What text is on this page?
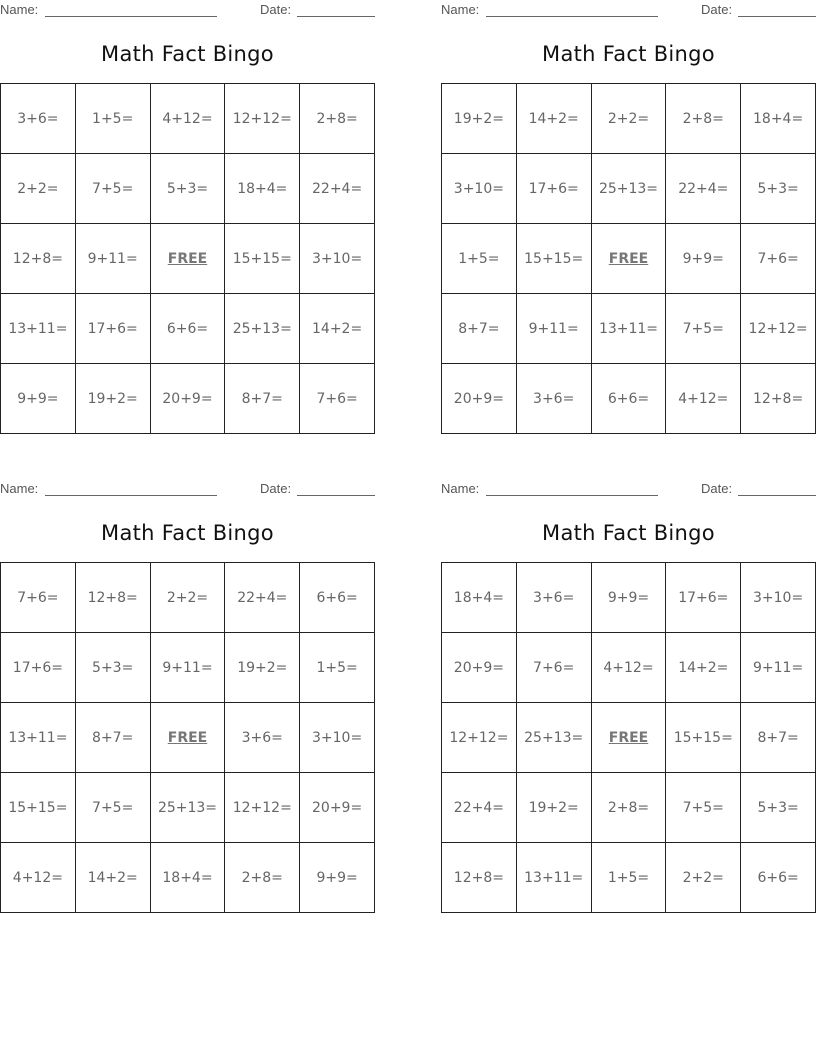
Name:	Date:
Math Fact Bingo
3+6=	1+5=	4+12=	12+12=	2+8=
2+2=	7+5=	5+3=	18+4=	22+4=
12+8=	9+11=	FREE	15+15=	3+10=
13+11=	17+6=	6+6=	25+13=	14+2=
9+9=	19+2=	20+9=	8+7=	7+6=
Name:	Date:
Math Fact Bingo
19+2=	14+2=	2+2=	2+8=	18+4=
3+10=	17+6=	25+13=	22+4=	5+3=
1+5=	15+15=	FREE	9+9=	7+6=
8+7=	9+11=	13+11=	7+5=	12+12=
20+9=	3+6=	6+6=	4+12=	12+8=
Name:	Date:
Math Fact Bingo
7+6=	12+8=	2+2=	22+4=	6+6=
17+6=	5+3=	9+11=	19+2=	1+5=
13+11=	8+7=	FREE	3+6=	3+10=
15+15=	7+5=	25+13=	12+12=	20+9=
4+12=	14+2=	18+4=	2+8=	9+9=
Name:	Date:
Math Fact Bingo
18+4=	3+6=	9+9=	17+6=	3+10=
20+9=	7+6=	4+12=	14+2=	9+11=
12+12=	25+13=	FREE	15+15=	8+7=
22+4=	19+2=	2+8=	7+5=	5+3=
12+8=	13+11=	1+5=	2+2=	6+6=
